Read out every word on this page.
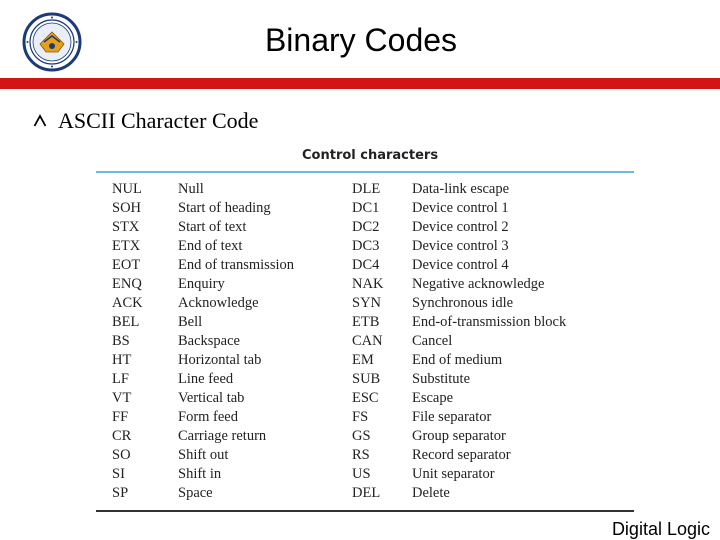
Binary Codes
ASCII Character Code
Control characters
NUL Null	DLE Data-link escape
SOH	Start of heading	DC1 Device control 1
STX	Start of text	DC2 Device control 2
ETX	End of text	DC3 Device control 3
EOT	End of transmission	DC4 Device control 4
ENQ Enquiry	NAK Negative acknowledge
ACK Acknowledge	SYN Synchronous idle
BEL	Bell	ETB End-of-transmission block
BS	Backspace	CAN Cancel
HT	Horizontal tab	EM	End of medium
LF	Line feed	SUB Substitute
VT	Vertical tab	ESC Escape
FF	Form feed	FS	File separator
CR	Carriage return	GS	Group separator
SO	Shift out	RS	Record separator
SI	Shift in	US	Unit separator
SP	Space	DEL Delete
Digital Logic
